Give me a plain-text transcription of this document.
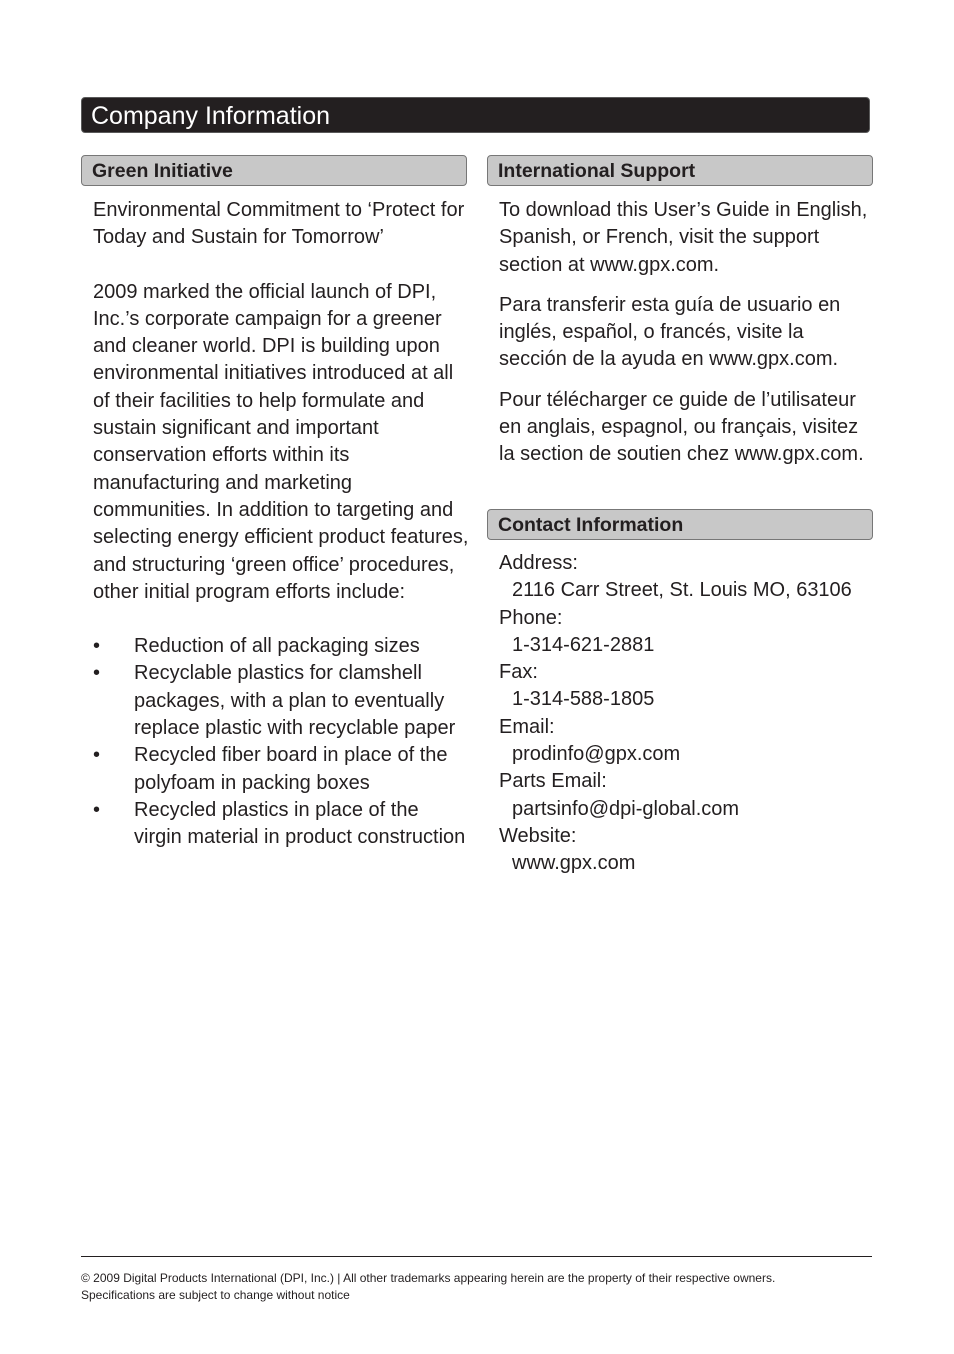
Company Information
Green Initiative

Environmental Commitment to ‘Protect for Today and Sustain for Tomorrow’

2009 marked the official launch of DPI, Inc.’s corporate campaign for a greener and cleaner world. DPI is building upon environmental initiatives introduced at all of their facilities to help formulate and sustain significant and important conservation efforts within its manufacturing and marketing communities. In addition to targeting and selecting energy efficient product features, and structuring ‘green office’ procedures, other initial program efforts include:

• Reduction of all packaging sizes
• Recyclable plastics for clamshell packages, with a plan to eventually replace plastic with recyclable paper
• Recycled fiber board in place of the polyfoam in packing boxes
• Recycled plastics in place of the virgin material in product construction
International Support

To download this User’s Guide in English, Spanish, or French, visit the support section at www.gpx.com.

Para transferir esta guía de usuario en inglés, español, o francés, visite la sección de la ayuda en www.gpx.com.

Pour télécharger ce guide de l’utilisateur en anglais, espagnol, ou français, visitez la section de soutien chez www.gpx.com.

Contact Information

Address:

2116 Carr Street, St. Louis MO, 63106

Phone:

1-314-621-2881

Fax:

1-314-588-1805

Email:

prodinfo@gpx.com

Parts Email:

partsinfo@dpi-global.com

Website:

www.gpx.com

© 2009 Digital Products International (DPI, Inc.) | All other trademarks appearing herein are the property of their respective owners.

Specifications are subject to change without notice
